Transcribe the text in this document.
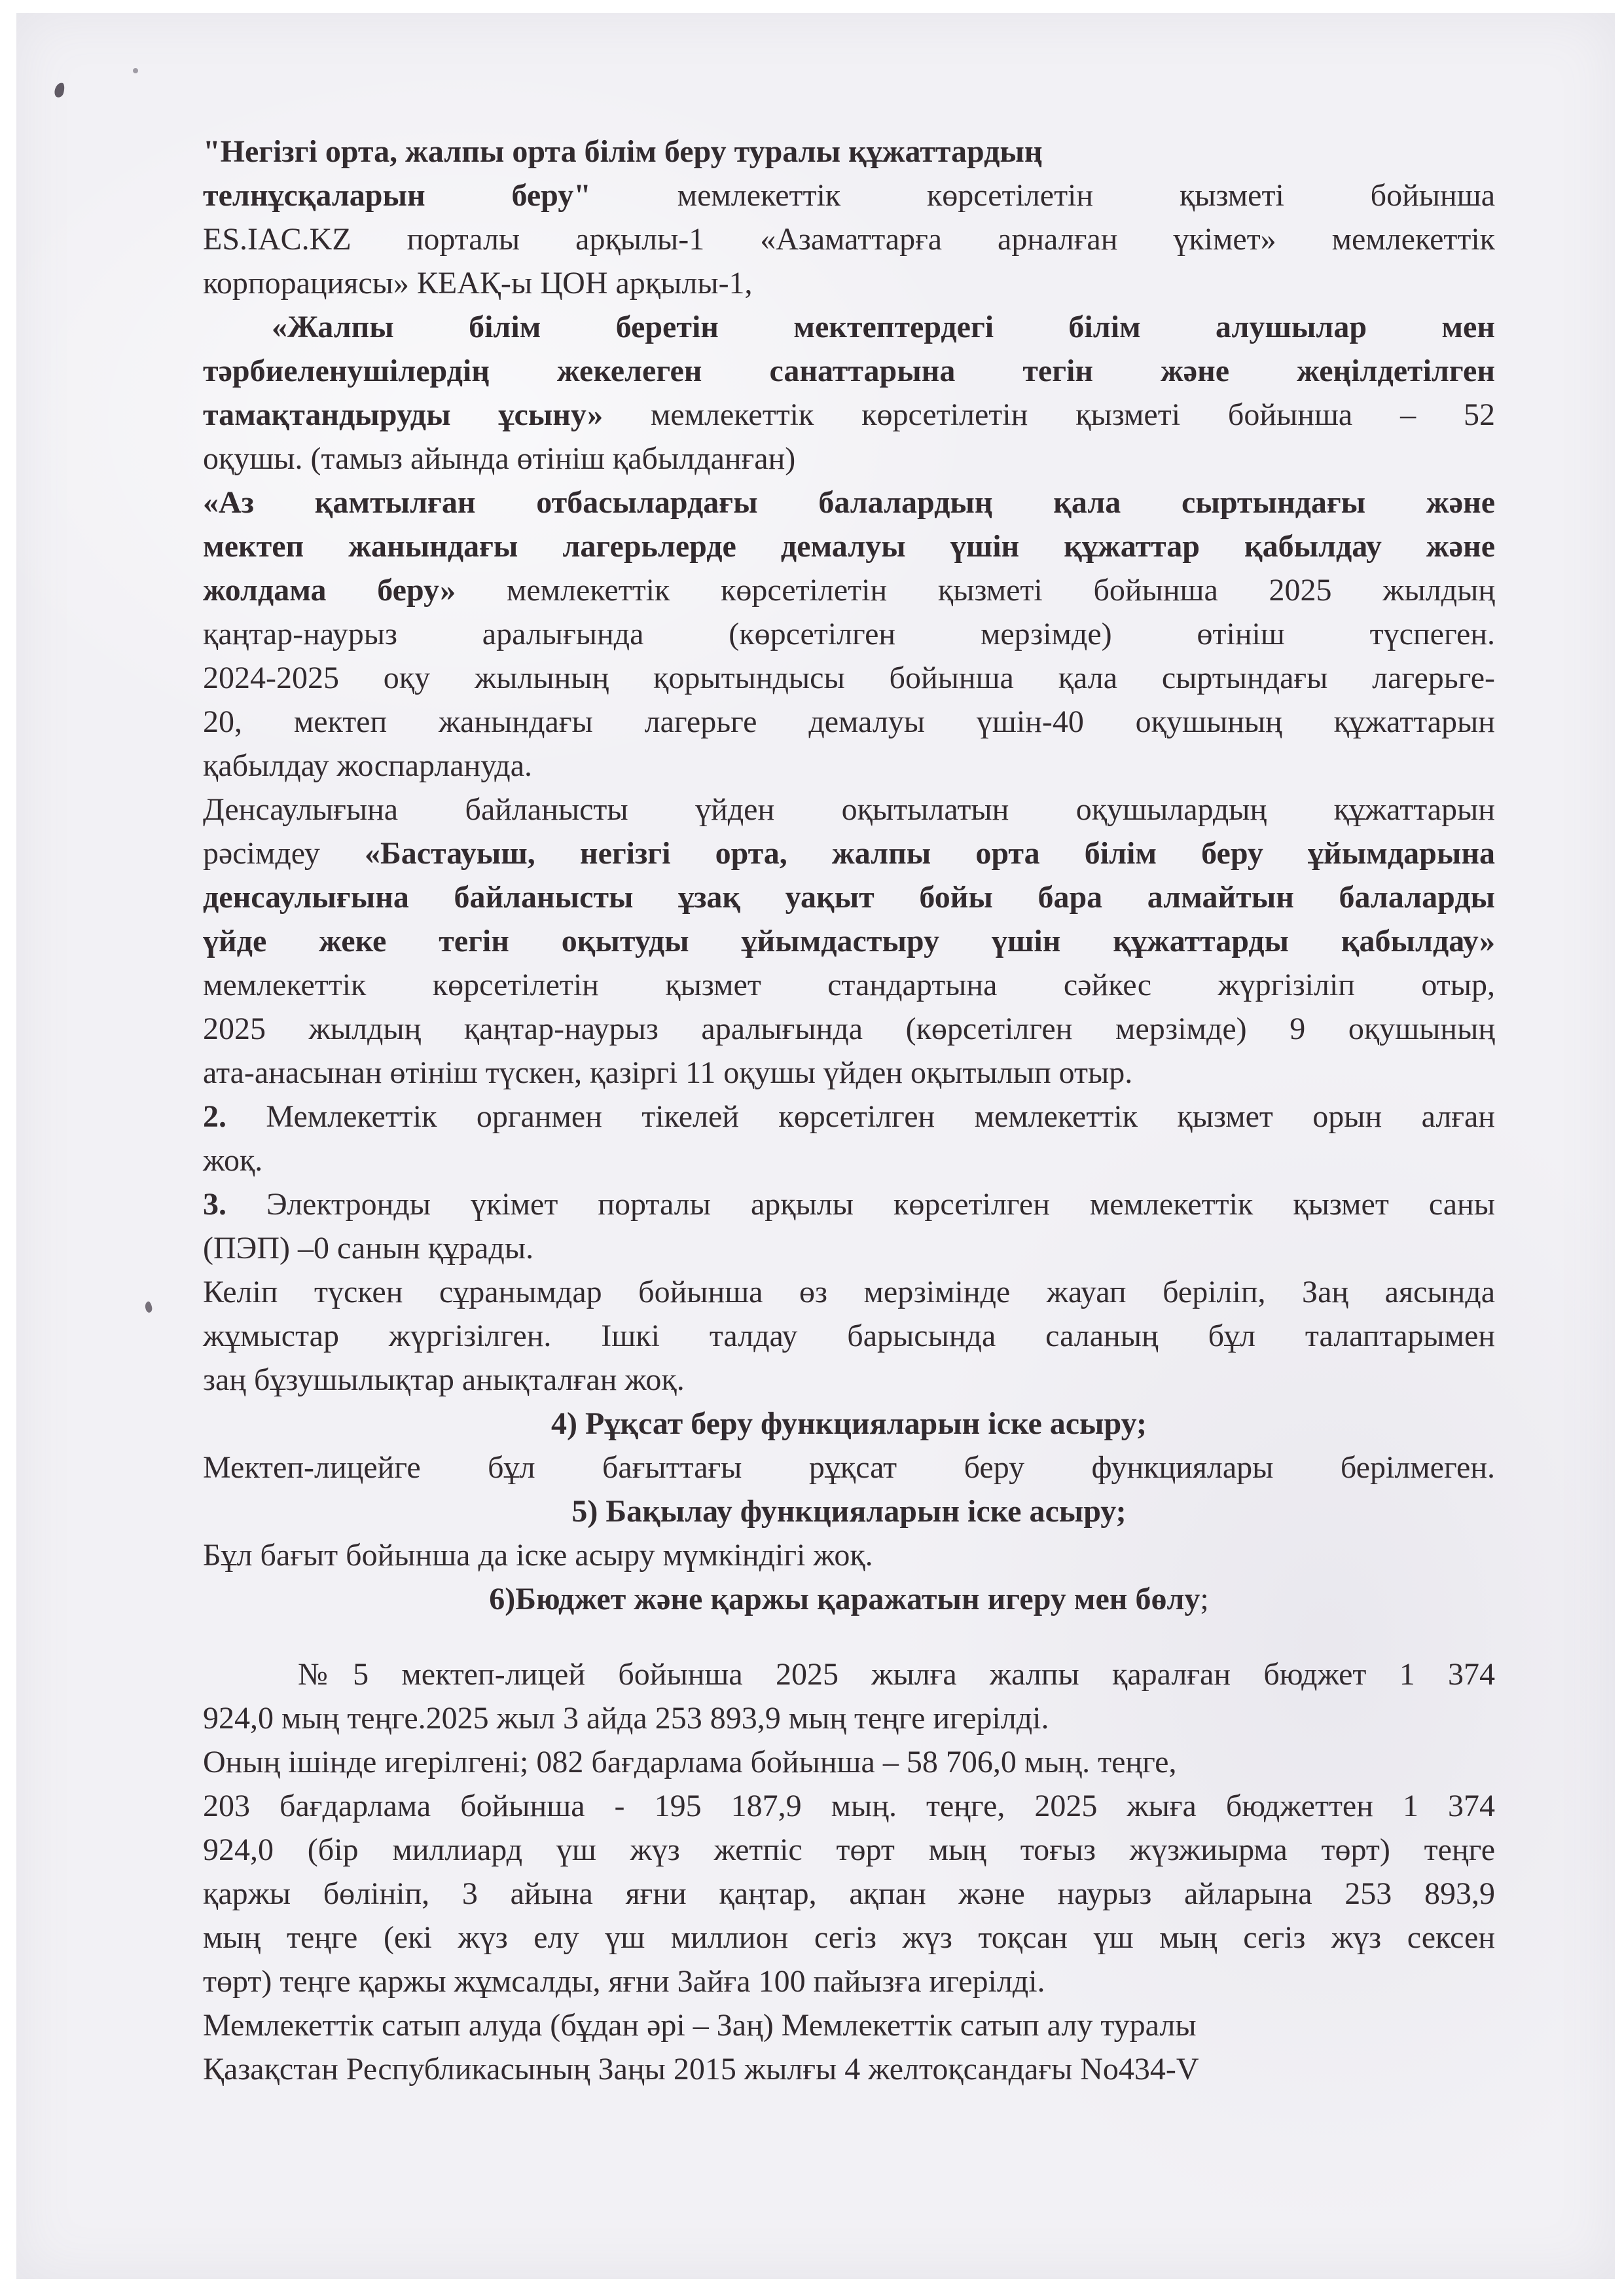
"Негізгі орта, жалпы орта білім беру туралы құжаттардың
телнұсқаларын беру" мемлекеттік көрсетілетін қызметі бойынша
ES.IAC.KZ порталы арқылы-1 «Азаматтарға арналған үкімет» мемлекеттік
корпорациясы» КЕАҚ-ы ЦОН арқылы-1,
«Жалпы білім беретін мектептердегі білім алушылар мен
тәрбиеленушілердің жекелеген санаттарына тегін және жеңілдетілген
тамақтандыруды ұсыну» мемлекеттік көрсетілетін қызметі бойынша – 52
оқушы. (тамыз айында өтініш қабылданған)
«Аз қамтылған отбасылардағы балалардың қала сыртындағы және
мектеп жанындағы лагерьлерде демалуы үшін құжаттар қабылдау және
жолдама беру» мемлекеттік көрсетілетін қызметі бойынша 2025 жылдың
қаңтар-наурыз аралығында (көрсетілген мерзімде) өтініш түспеген.
2024-2025 оқу жылының қорытындысы бойынша қала сыртындағы лагерьге-
20, мектеп жанындағы лагерьге демалуы үшін-40 оқушының құжаттарын
қабылдау жоспарлануда.
Денсаулығына байланысты үйден оқытылатын оқушылардың құжаттарын
рәсімдеу «Бастауыш, негізгі орта, жалпы орта білім беру ұйымдарына
денсаулығына байланысты ұзақ уақыт бойы бара алмайтын балаларды
үйде жеке тегін оқытуды ұйымдастыру үшін құжаттарды қабылдау»
мемлекеттік көрсетілетін қызмет стандартына сәйкес жүргізіліп отыр,
2025 жылдың қаңтар-наурыз аралығында (көрсетілген мерзімде) 9 оқушының
ата-анасынан өтініш түскен, қазіргі 11 оқушы үйден оқытылып отыр.
2. Мемлекеттік органмен тікелей көрсетілген мемлекеттік қызмет орын алған
жоқ.
3. Электронды үкімет порталы арқылы көрсетілген мемлекеттік қызмет саны
(ПЭП) –0 санын құрады.
Келіп түскен сұранымдар бойынша өз мерзімінде жауап беріліп, Заң аясында
жұмыстар жүргізілген. Ішкі талдау барысында саланың бұл талаптарымен
заң бұзушылықтар анықталған жоқ.
4) Рұқсат беру функцияларын іске асыру;
Мектеп-лицейге бұл бағыттағы рұқсат беру функциялары берілмеген.
5) Бақылау функцияларын іске асыру;
Бұл бағыт бойынша да іске асыру мүмкіндігі жоқ.
6)Бюджет және қаржы қаражатын игеру мен бөлу;
№5 мектеп-лицей бойынша 2025 жылға жалпы қаралған бюджет 1 374
924,0 мың теңге.2025 жыл 3 айда 253 893,9 мың теңге игерілді.
Оның ішінде игерілгені; 082 бағдарлама бойынша – 58 706,0 мың. теңге,
203 бағдарлама бойынша - 195 187,9 мың. теңге, 2025 жыға бюджеттен 1 374
924,0 (бір миллиард үш жүз жетпіс төрт мың тоғыз жүзжиырма төрт) теңге
қаржы бөлініп, 3 айына яғни қаңтар, ақпан және наурыз айларына 253 893,9
мың теңге (екі жүз елу үш миллион сегіз жүз тоқсан үш мың сегіз жүз сексен
төрт) теңге қаржы жұмсалды, яғни 3айға 100 пайызға игерілді.
Мемлекеттік сатып алуда (бұдан әрі – Заң) Мемлекеттік сатып алу туралы
Қазақстан Республикасының Заңы 2015 жылғы 4 желтоқсандағы No434-V
